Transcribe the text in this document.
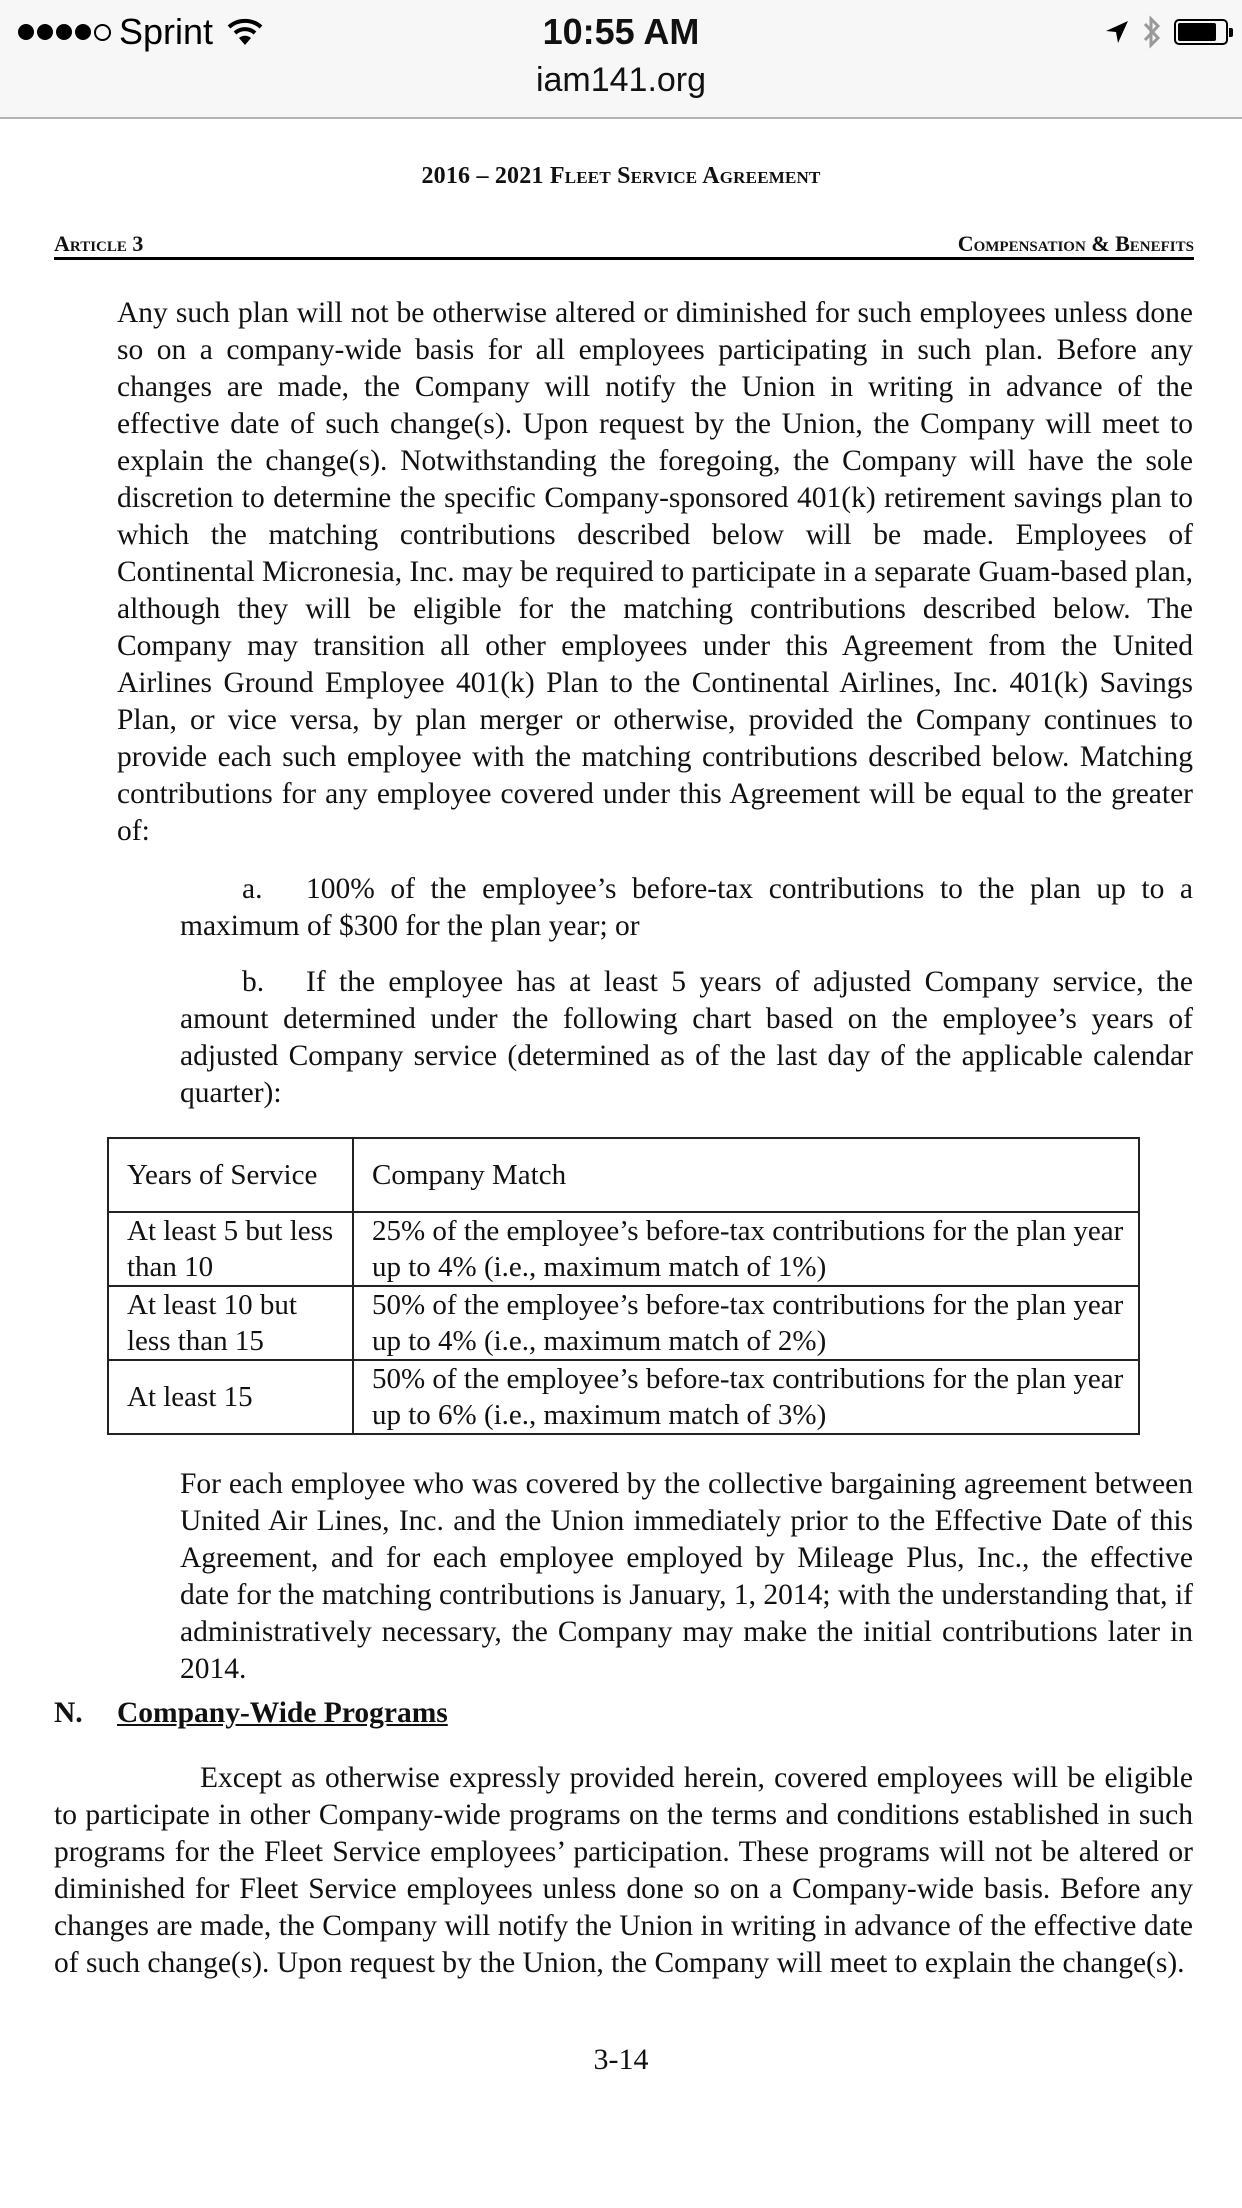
Sprint	10:55 AM
iam141.org
2016 – 2021 Fleet Service Agreement
Article 3	Compensation & Benefits
Any such plan will not be otherwise altered or diminished for such employees unless done so on a company-wide basis for all employees participating in such plan. Before any changes are made, the Company will notify the Union in writing in advance of the effective date of such change(s). Upon request by the Union, the Company will meet to explain the change(s). Notwithstanding the foregoing, the Company will have the sole discretion to determine the specific Company-sponsored 401(k) retirement savings plan to which the matching contributions described below will be made. Employees of Continental Micronesia, Inc. may be required to participate in a separate Guam-based plan, although they will be eligible for the matching contributions described below. The Company may transition all other employees under this Agreement from the United Airlines Ground Employee 401(k) Plan to the Continental Airlines, Inc. 401(k) Savings Plan, or vice versa, by plan merger or otherwise, provided the Company continues to provide each such employee with the matching contributions described below. Matching contributions for any employee covered under this Agreement will be equal to the greater of:
a. 100% of the employee’s before-tax contributions to the plan up to a maximum of $300 for the plan year; or
b. If the employee has at least 5 years of adjusted Company service, the amount determined under the following chart based on the employee’s years of adjusted Company service (determined as of the last day of the applicable calendar quarter):
Years of Service	Company Match
At least 5 but less than 10	25% of the employee’s before-tax contributions for the plan year up to 4% (i.e., maximum match of 1%)
At least 10 but less than 15	50% of the employee’s before-tax contributions for the plan year up to 4% (i.e., maximum match of 2%)
At least 15	50% of the employee’s before-tax contributions for the plan year up to 6% (i.e., maximum match of 3%)
For each employee who was covered by the collective bargaining agreement between United Air Lines, Inc. and the Union immediately prior to the Effective Date of this Agreement, and for each employee employed by Mileage Plus, Inc., the effective date for the matching contributions is January, 1, 2014; with the understanding that, if administratively necessary, the Company may make the initial contributions later in 2014.
N. Company-Wide Programs
Except as otherwise expressly provided herein, covered employees will be eligible to participate in other Company-wide programs on the terms and conditions established in such programs for the Fleet Service employees’ participation. These programs will not be altered or diminished for Fleet Service employees unless done so on a Company-wide basis. Before any changes are made, the Company will notify the Union in writing in advance of the effective date of such change(s). Upon request by the Union, the Company will meet to explain the change(s).
3-14
